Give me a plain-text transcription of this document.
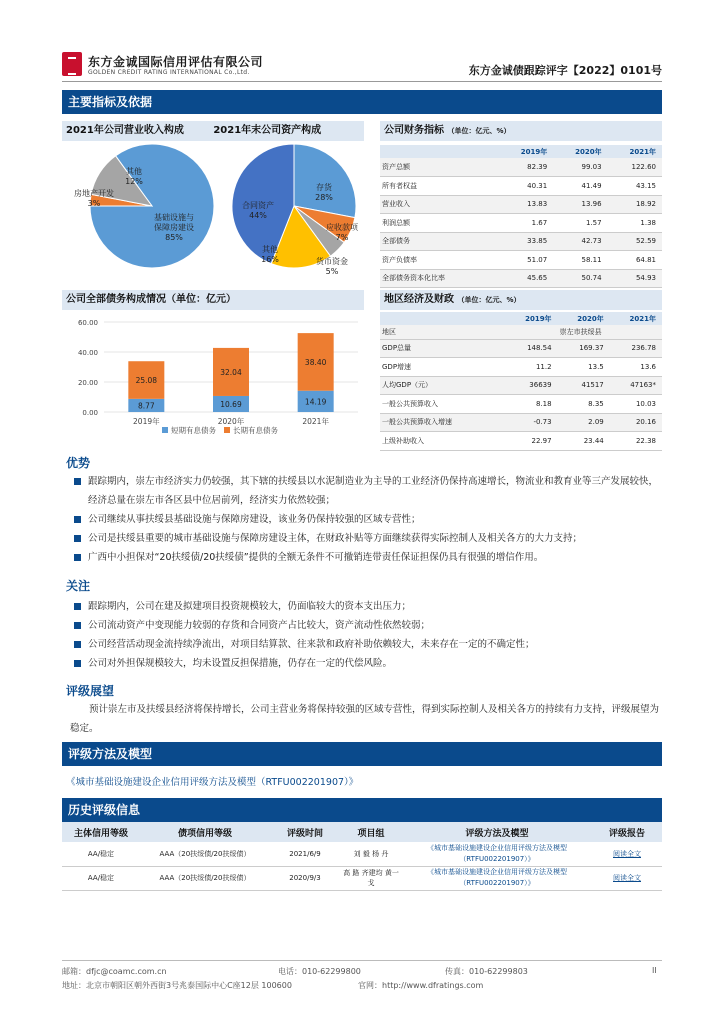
东方金诚国际信用评估有限公司
GOLDEN CREDIT RATING INTERNATIONAL Co.,Ltd.	东方金诚债跟踪评字【2022】0101号
主要指标及依据
2021年公司营业收入构成	2021年末公司资产构成
基础设施与保障房建设 85%
房地产开发 3%
其他 12%
存货 28%
应收款项 7%
货币资金 5%
其他 16%
合同资产 44%
公司财务指标 （单位：亿元、%）
	2019年	2020年	2021年
资产总额	82.39	99.03	122.60
所有者权益	40.31	41.49	43.15
营业收入	13.83	13.96	18.92
利润总额	1.67	1.57	1.38
全部债务	33.85	42.73	52.59
资产负债率	51.07	58.11	64.81
全部债务资本化比率	45.65	50.74	54.93
公司全部债务构成情况（单位：亿元）
0.00
20.00
40.00
60.00
8.77
25.08
2019年
10.69
32.04
2020年
14.19
38.40
2021年
短期有息债务 长期有息债务
地区经济及财政 （单位：亿元、%）
	2019年	2020年	2021年
地区	崇左市扶绥县		
GDP总量	148.54	169.37	236.78
GDP增速	11.2	13.5	13.6
人均GDP（元）	36639	41517	47163*
一般公共预算收入	8.18	8.35	10.03
一般公共预算收入增速	-0.73	2.09	20.16
上级补助收入	22.97	23.44	22.38
优势
跟踪期内，崇左市经济实力仍较强，其下辖的扶绥县以水泥制造业为主导的工业经济仍保持高速增长，物流业和教育业等三产发展较快，经济总量在崇左市各区县中位居前列，经济实力依然较强；
公司继续从事扶绥县基础设施与保障房建设，该业务仍保持较强的区域专营性；
公司是扶绥县重要的城市基础设施与保障房建设主体，在财政补贴等方面继续获得实际控制人及相关各方的大力支持；
广西中小担保对“20扶绥债/20扶绥债”提供的全额无条件不可撤销连带责任保证担保仍具有很强的增信作用。
关注
跟踪期内，公司在建及拟建项目投资规模较大，仍面临较大的资本支出压力；
公司流动资产中变现能力较弱的存货和合同资产占比较大，资产流动性依然较弱；
公司经营活动现金流持续净流出，对项目结算款、往来款和政府补助依赖较大，未来存在一定的不确定性；
公司对外担保规模较大，均未设置反担保措施，仍存在一定的代偿风险。
评级展望
预计崇左市及扶绥县经济将保持增长，公司主营业务将保持较强的区域专营性，得到实际控制人及相关各方的持续有力支持，评级展望为稳定。
评级方法及模型
《城市基础设施建设企业信用评级方法及模型（RTFU002201907）》
历史评级信息
主体信用等级	债项信用等级	评级时间	项目组	评级方法及模型	评级报告
AA/稳定	AAA（20扶绥债/20扶绥债）	2021/6/9	刘 毅 杨 丹	《城市基础设施建设企业信用评级方法及模型
（RTFU002201907）》	阅读全文
AA/稳定	AAA（20扶绥债/20扶绥债）	2020/9/3	高 路 齐建均 黄一戈	《城市基础设施建设企业信用评级方法及模型
（RTFU002201907）》	阅读全文
邮箱：dfjc@coamc.com.cn	电话：010-62299800	传真：010-62299803	II
地址：北京市朝阳区朝外西街3号兆泰国际中心C座12层 100600	官网：http://www.dfratings.com
